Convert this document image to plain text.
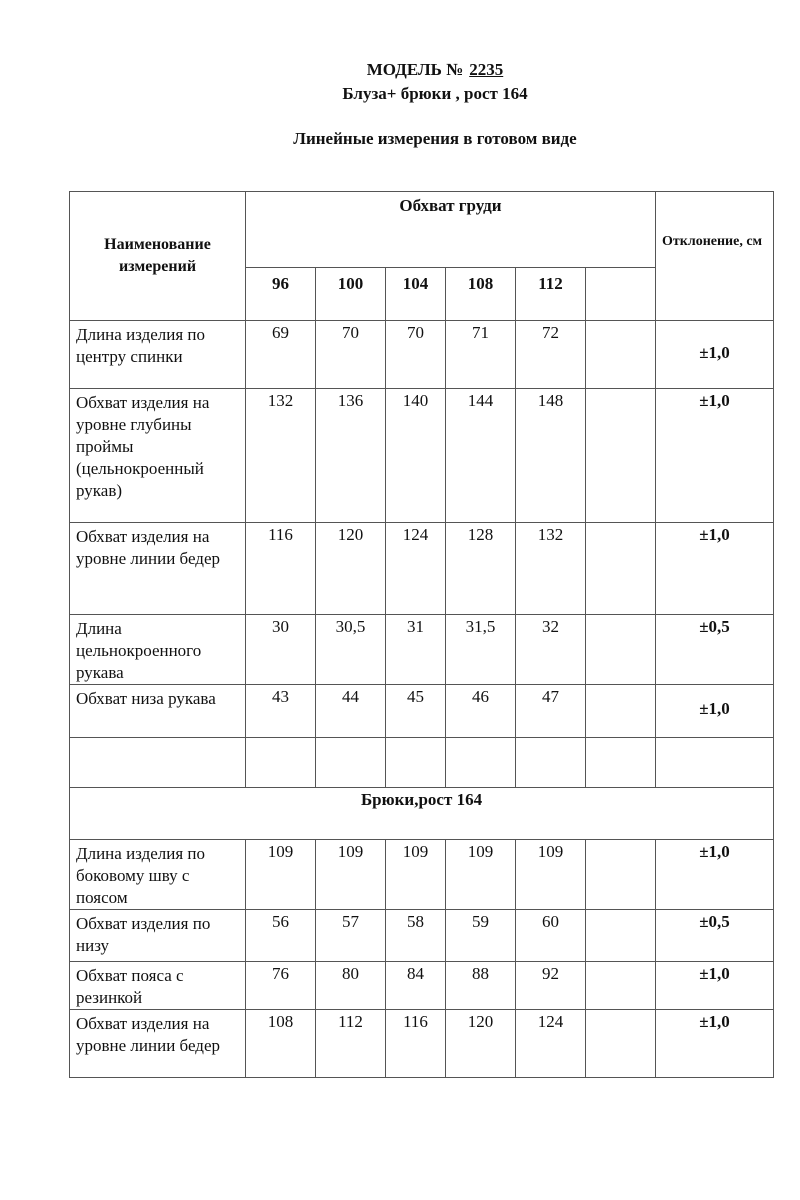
МОДЕЛЬ № 2235
Блуза+ брюки , рост 164
Линейные измерения в готовом виде
Наименование измерений	Обхват груди						Отклонение, см
	96	100	104	108	112		
Длина изделия по центру спинки	69	70	70	71	72		±1,0
Обхват изделия на уровне глубины проймы (цельнокроенный рукав)	132	136	140	144	148		±1,0
Обхват изделия на уровне линии бедер	116	120	124	128	132		±1,0
Длина цельнокроенного рукава	30	30,5	31	31,5	32		±0,5
Обхват низа рукава	43	44	45	46	47		±1,0

Брюки,рост 164							
Длина изделия по боковому шву с поясом	109	109	109	109	109		±1,0
Обхват изделия по низу	56	57	58	59	60		±0,5
Обхват пояса с резинкой	76	80	84	88	92		±1,0
Обхват изделия на уровне линии бедер	108	112	116	120	124		±1,0
